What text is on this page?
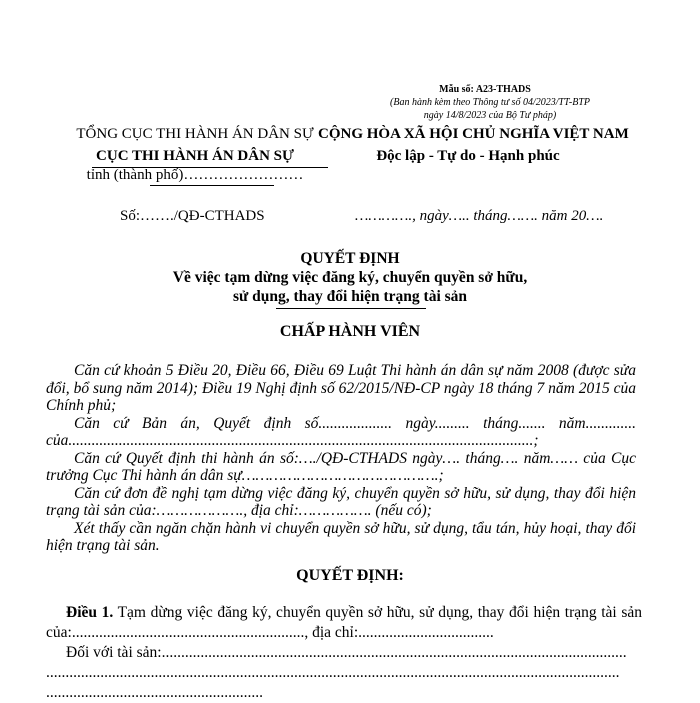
Mẫu số: A23-THADS
(Ban hành kèm theo Thông tư số 04/2023/TT-BTP
ngày 14/8/2023 của Bộ Tư pháp)
TỔNG CỤC THI HÀNH ÁN DÂN SỰ
CỤC THI HÀNH ÁN DÂN SỰ
tỉnh (thành phố)……………………
CỘNG HÒA XÃ HỘI CHỦ NGHĨA VIỆT NAM
Độc lập - Tự do - Hạnh phúc
Số:……./QĐ-CTHADS	…………., ngày….. tháng……. năm 20….
QUYẾT ĐỊNH
Về việc tạm dừng việc đăng ký, chuyển quyền sở hữu,
sử dụng, thay đổi hiện trạng tài sản
CHẤP HÀNH VIÊN

Căn cứ khoản 5 Điều 20, Điều 66, Điều 69 Luật Thi hành án dân sự năm 2008 (được sửa đổi, bổ sung năm 2014); Điều 19 Nghị định số 62/2015/NĐ-CP ngày 18 tháng 7 năm 2015 của Chính phủ;

Căn cứ Bản án, Quyết định số................... ngày......... tháng....... năm............. của........................................................................................................................;

Căn cứ Quyết định thi hành án số:…./QĐ-CTHADS ngày…. tháng…. năm…… của Cục trưởng Cục Thi hành án dân sự…………………………………….;

Căn cứ đơn đề nghị tạm dừng việc đăng ký, chuyển quyền sở hữu, sử dụng, thay đổi hiện trạng tài sản của:………………., địa chỉ:……………. (nếu có);

Xét thấy cần ngăn chặn hành vi chuyển quyền sở hữu, sử dụng, tẩu tán, hủy hoại, thay đổi hiện trạng tài sản.

QUYẾT ĐỊNH:

Điều 1. Tạm dừng việc đăng ký, chuyển quyền sở hữu, sử dụng, thay đổi hiện trạng tài sản của:............................................................, địa chỉ:...................................

Đối với tài sản:........................................................................................................................

....................................................................................................................................................

........................................................
